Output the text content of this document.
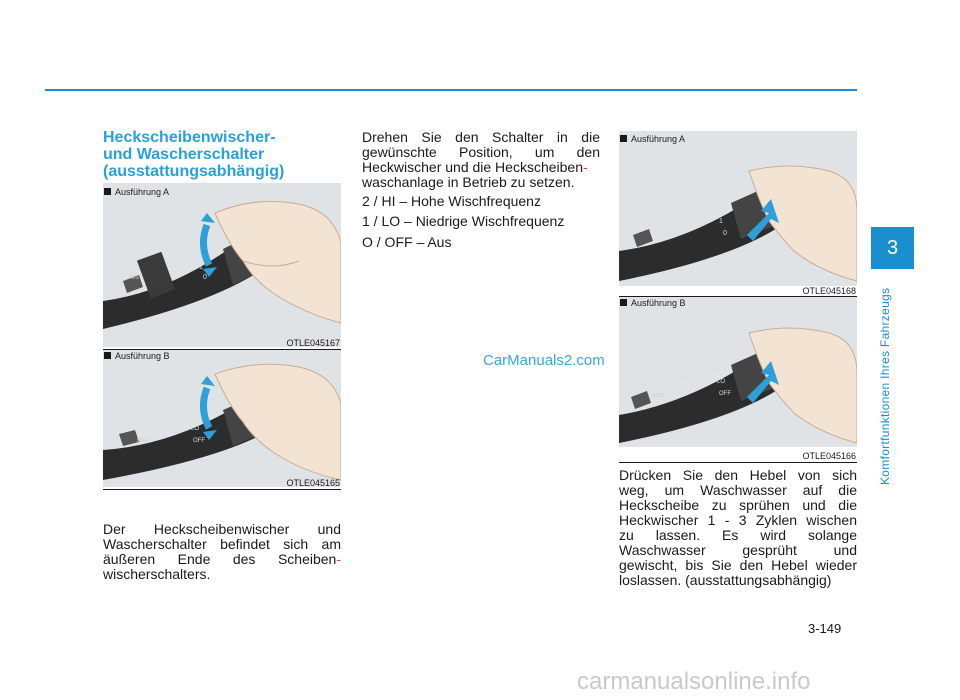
Heckscheibenwischer-
und Wascherschalter
(ausstattungsabhängig)
MIST
2
1
0
OTLE045167
Ausführung A
MIST
INT
HI
LO
OFF
Ausführung B
OTLE045165
Der Heckscheibenwischer und
Wascherschalter befindet sich am
äußeren Ende des Scheiben-
wischerschalters.
Drehen Sie den Schalter in die
gewünschte Position, um den
Heckwischer und die Heckscheiben-
waschanlage in Betrieb zu setzen.
2 / HI – Hohe Wischfrequenz
1 / LO – Niedrige Wischfrequenz
O / OFF – Aus
CarManuals2.com
2
1
0
Ausführung A
OTLE045168
MIST
AUTO
HI
LO
OFF
Ausführung B
OTLE045166
Drücken Sie den Hebel von sich
weg, um Waschwasser auf die
Heckscheibe zu sprühen und die
Heckwischer 1 - 3 Zyklen wischen
zu lassen. Es wird solange
Waschwasser gesprüht und
gewischt, bis Sie den Hebel wieder
loslassen. (ausstattungsabhängig)
3
Komfortfunktionen Ihres Fahrzeugs
3-149
carmanualsonline.info
